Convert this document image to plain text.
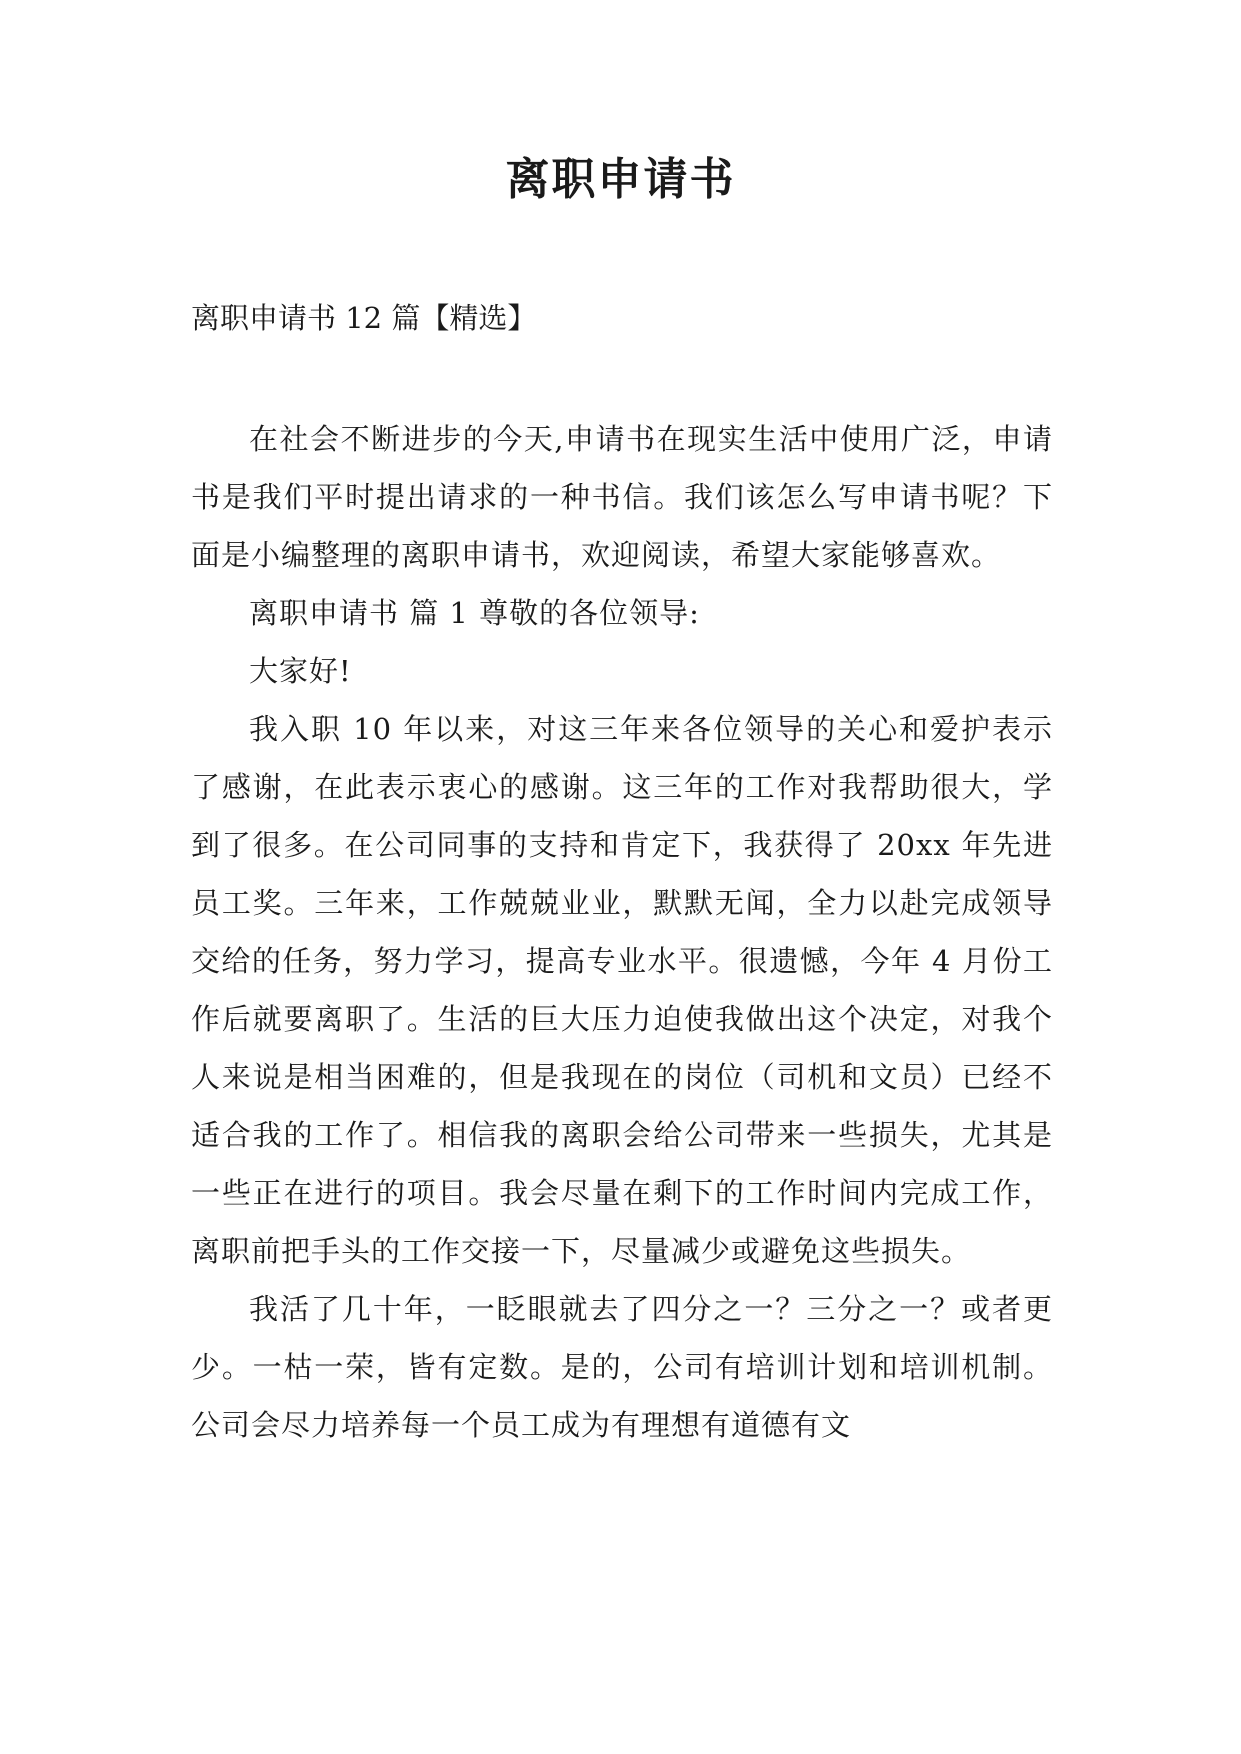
离职申请书
离职申请书 12 篇【精选】

在社会不断进步的今天,申请书在现实生活中使用广泛，申请书是我们平时提出请求的一种书信。我们该怎么写申请书呢？下面是小编整理的离职申请书，欢迎阅读，希望大家能够喜欢。

离职申请书 篇 1 尊敬的各位领导:

大家好!

我入职 10 年以来，对这三年来各位领导的关心和爱护表示了感谢，在此表示衷心的感谢。这三年的工作对我帮助很大，学到了很多。在公司同事的支持和肯定下，我获得了 20xx 年先进员工奖。三年来，工作兢兢业业，默默无闻，全力以赴完成领导交给的任务，努力学习，提高专业水平。很遗憾，今年 4 月份工作后就要离职了。生活的巨大压力迫使我做出这个决定，对我个人来说是相当困难的，但是我现在的岗位（司机和文员）已经不适合我的工作了。相信我的离职会给公司带来一些损失，尤其是一些正在进行的项目。我会尽量在剩下的工作时间内完成工作，离职前把手头的工作交接一下，尽量减少或避免这些损失。

我活了几十年，一眨眼就去了四分之一？三分之一？或者更少。一枯一荣，皆有定数。是的，公司有培训计划和培训机制。公司会尽力培养每一个员工成为有理想有道德有文
